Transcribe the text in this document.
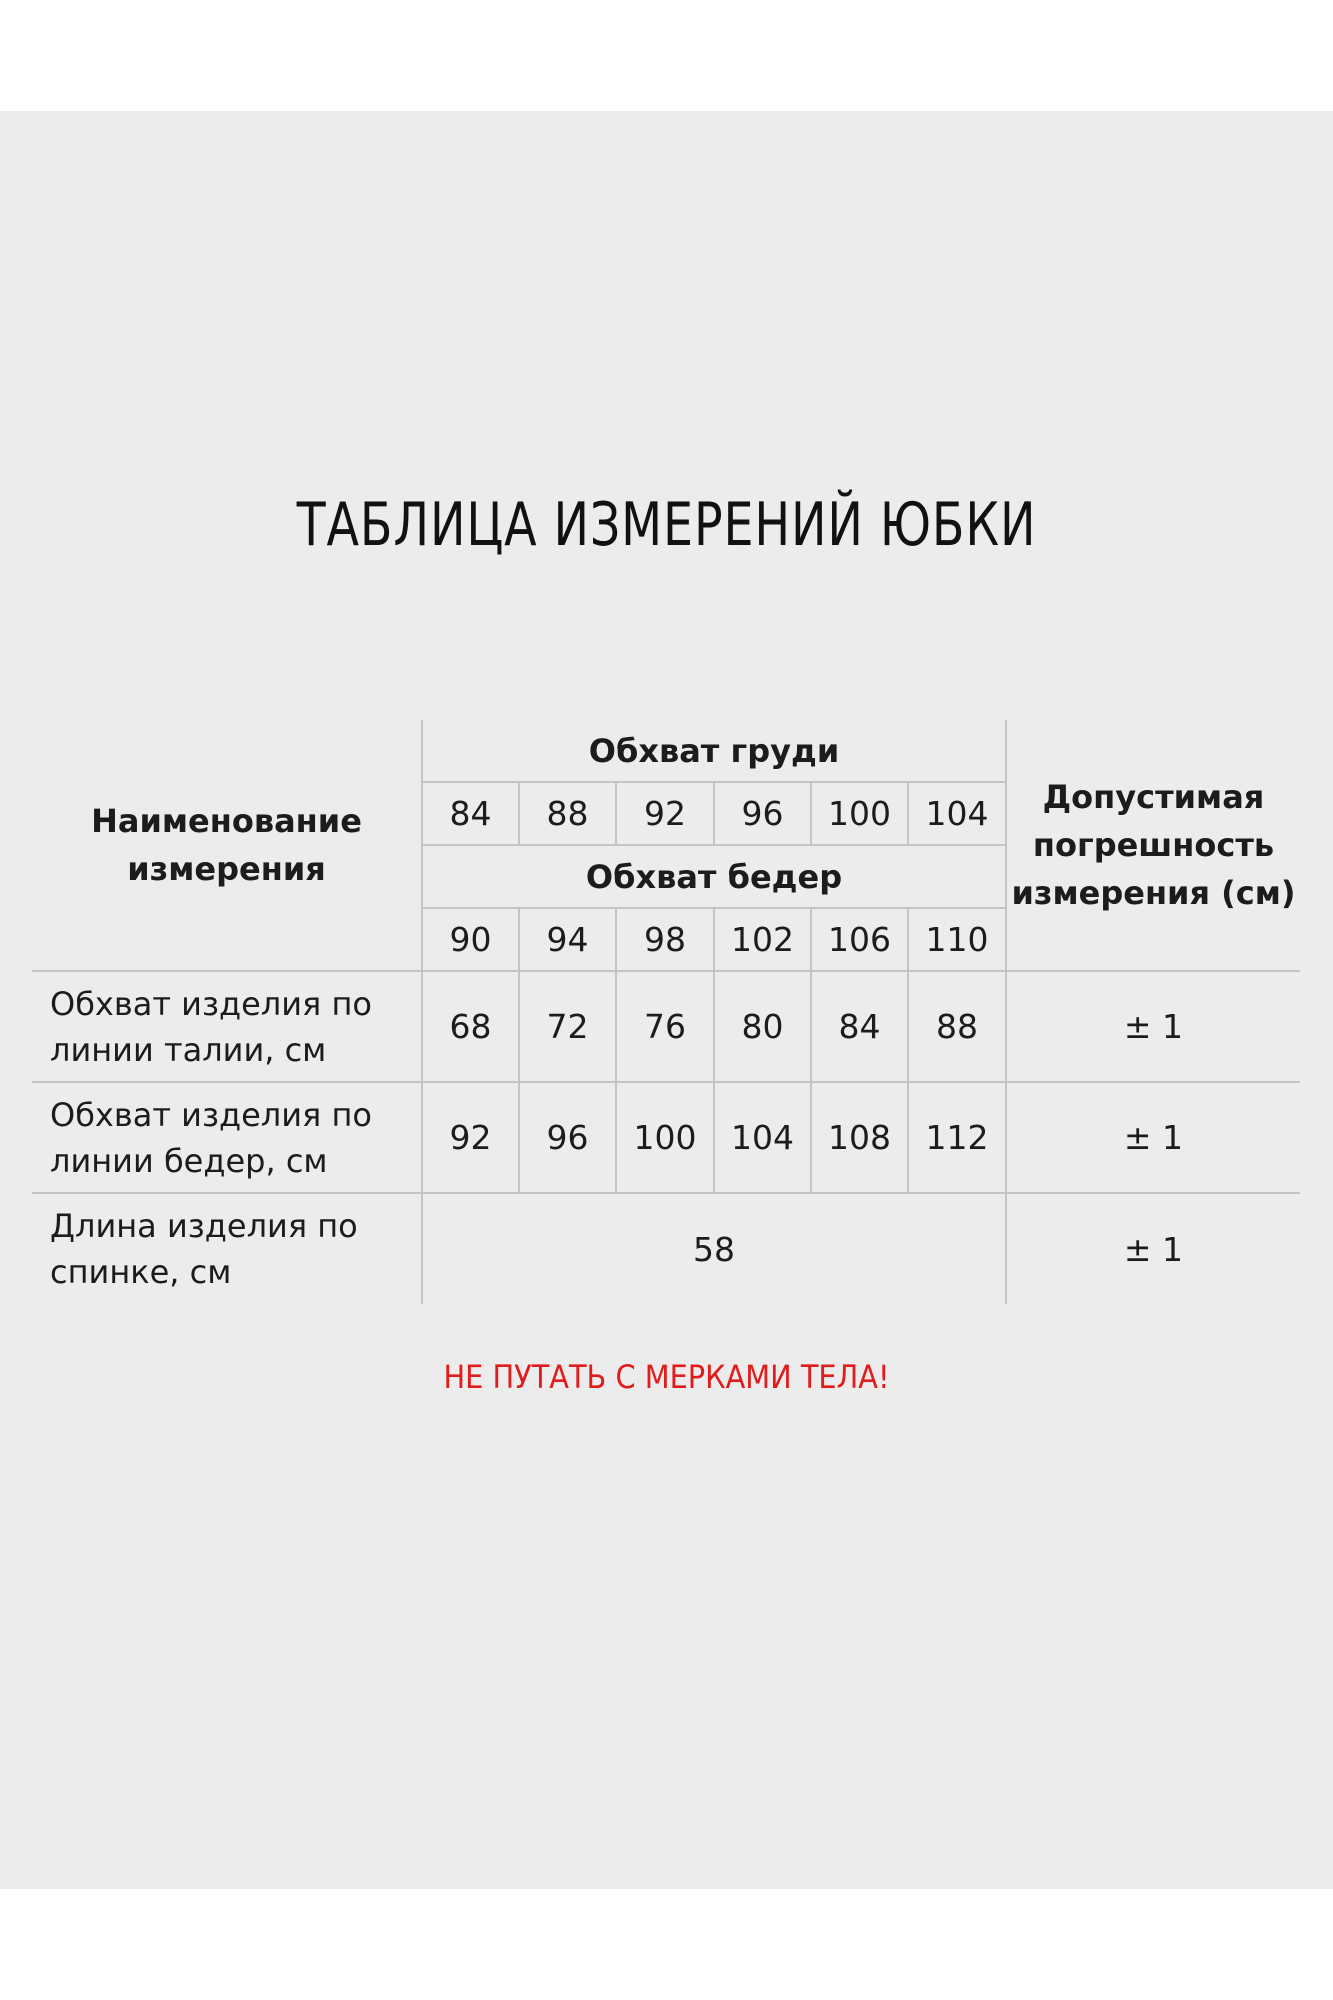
ТАБЛИЦА ИЗМЕРЕНИЙ ЮБКИ
Наименование измерения	Обхват груди						Допустимая погрешность измерения (см)
	84	88	92	96	100	104	
	Обхват бедер						
	90	94	98	102	106	110	
Обхват изделия по линии талии, см	68	72	76	80	84	88	± 1
Обхват изделия по линии бедер, см	92	96	100	104	108	112	± 1
Длина изделия по спинке, см	58						± 1
НЕ ПУТАТЬ С МЕРКАМИ ТЕЛА!
